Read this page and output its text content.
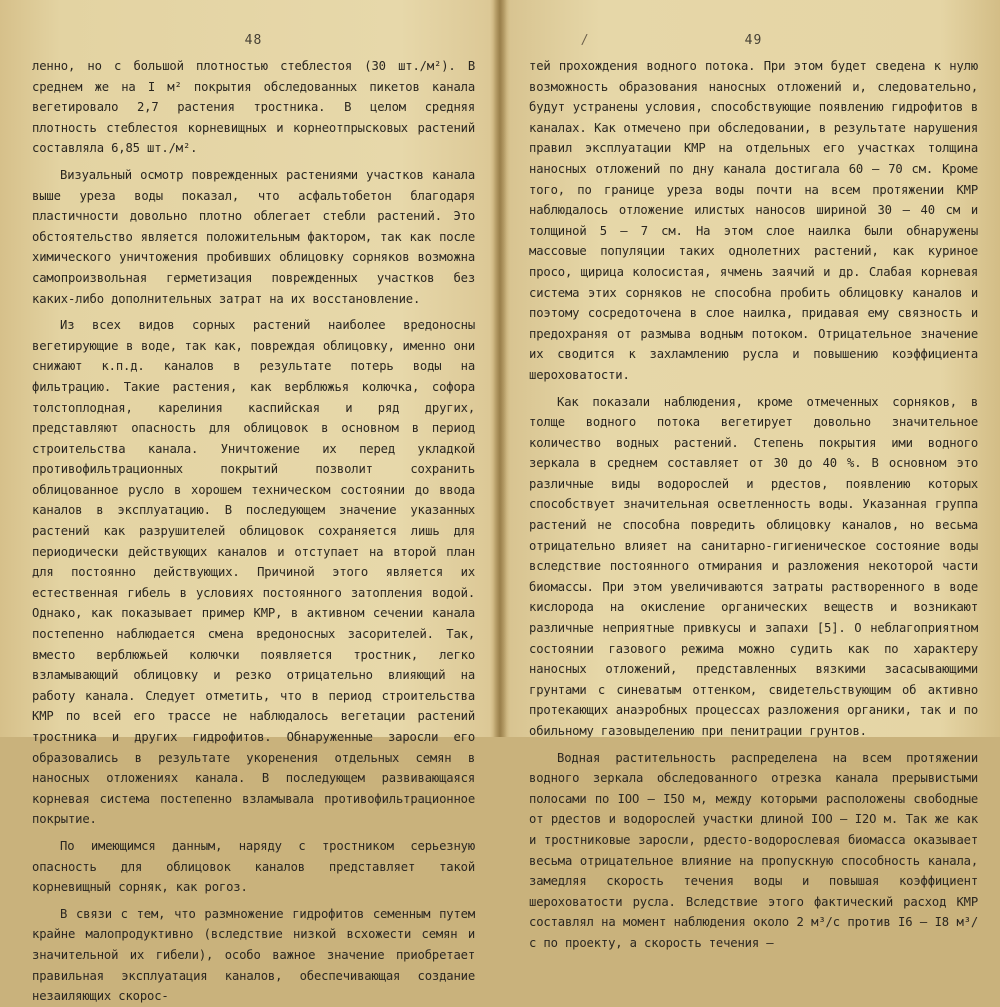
48

ленно, но с большой плотностью стеблестоя (30 шт./м²). В среднем же на I м² покрытия обследованных пикетов канала вегетировало 2,7 растения тростника. В целом средняя плотность стеблестоя корневищных и корнеотпрысковых растений составляла 6,85 шт./м².

Визуальный осмотр поврежденных растениями участков канала выше уреза воды показал, что асфальтобетон благодаря пластичности довольно плотно облегает стебли растений. Это обстоятельство является положительным фактором, так как после химического уничтожения пробивших облицовку сорняков возможна самопроизвольная герметизация поврежденных участков без каких-либо дополнительных затрат на их восстановление.

Из всех видов сорных растений наиболее вредоносны вегетирующие в воде, так как, повреждая облицовку, именно они снижают к.п.д. каналов в результате потерь воды на фильтрацию. Такие растения, как верблюжья колючка, софора толстоплодная, карелиния каспийская и ряд других, представляют опасность для облицовок в основном в период строительства канала. Уничтожение их перед укладкой противофильтрационных покрытий позволит сохранить облицованное русло в хорошем техническом состоянии до ввода каналов в эксплуатацию. В последующем значение указанных растений как разрушителей облицовок сохраняется лишь для периодически действующих каналов и отступает на второй план для постоянно действующих. Причиной этого является их естественная гибель в условиях постоянного затопления водой. Однако, как показывает пример КМР, в активном сечении канала постепенно наблюдается смена вредоносных засорителей. Так, вместо верблюжьей колючки появляется тростник, легко взламывающий облицовку и резко отрицательно влияющий на работу канала. Следует отметить, что в период строительства КМР по всей его трассе не наблюдалось вегетации растений тростника и других гидрофитов. Обнаруженные заросли его образовались в результате укоренения отдельных семян в наносных отложениях канала. В последующем развивающаяся корневая система постепенно взламывала противофильтрационное покрытие.

По имеющимся данным, наряду с тростником серьезную опасность для облицовок каналов представляет такой корневищный сорняк, как рогоз.

В связи с тем, что размножение гидрофитов семенным путем крайне малопродуктивно (вследствие низкой всхожести семян и значительной их гибели), особо важное значение приобретает правильная эксплуатация каналов, обеспечивающая создание незаиляющих скорос-

/	49

тей прохождения водного потока. При этом будет сведена к нулю возможность образования наносных отложений и, следовательно, будут устранены условия, способствующие появлению гидрофитов в каналах. Как отмечено при обследовании, в результате нарушения правил эксплуатации КМР на отдельных его участках толщина наносных отложений по дну канала достигала 60 – 70 см. Кроме того, по границе уреза воды почти на всем протяжении КМР наблюдалось отложение илистых наносов шириной 30 – 40 см и толщиной 5 – 7 см. На этом слое наилка были обнаружены массовые популяции таких однолетних растений, как куриное просо, щирица колосистая, ячмень заячий и др. Слабая корневая система этих сорняков не способна пробить облицовку каналов и поэтому сосредоточена в слое наилка, придавая ему связность и предохраняя от размыва водным потоком. Отрицательное значение их сводится к захламлению русла и повышению коэффициента шероховатости.

Как показали наблюдения, кроме отмеченных сорняков, в толще водного потока вегетирует довольно значительное количество водных растений. Степень покрытия ими водного зеркала в среднем составляет от 30 до 40 %. В основном это различные виды водорослей и рдестов, появлению которых способствует значительная осветленность воды. Указанная группа растений не способна повредить облицовку каналов, но весьма отрицательно влияет на санитарно-гигиеническое состояние воды вследствие постоянного отмирания и разложения некоторой части биомассы. При этом увеличиваются затраты растворенного в воде кислорода на окисление органических веществ и возникают различные неприятные привкусы и запахи [5]. О неблагоприятном состоянии газового режима можно судить как по характеру наносных отложений, представленных вязкими засасывающими грунтами с синеватым оттенком, свидетельствующим об активно протекающих анаэробных процессах разложения органики, так и по обильному газовыделению при пенитрации грунтов.

Водная растительность распределена на всем протяжении водного зеркала обследованного отрезка канала прерывистыми полосами по IOO – I5O м, между которыми расположены свободные от рдестов и водорослей участки длиной IOO – I2O м. Так же как и тростниковые заросли, рдесто-водорослевая биомасса оказывает весьма отрицательное влияние на пропускную способность канала, замедляя скорость течения воды и повышая коэффициент шероховатости русла. Вследствие этого фактический расход КМР составлял на момент наблюдения около 2 м³/с против I6 – I8 м³/с по проекту, а скорость течения –
